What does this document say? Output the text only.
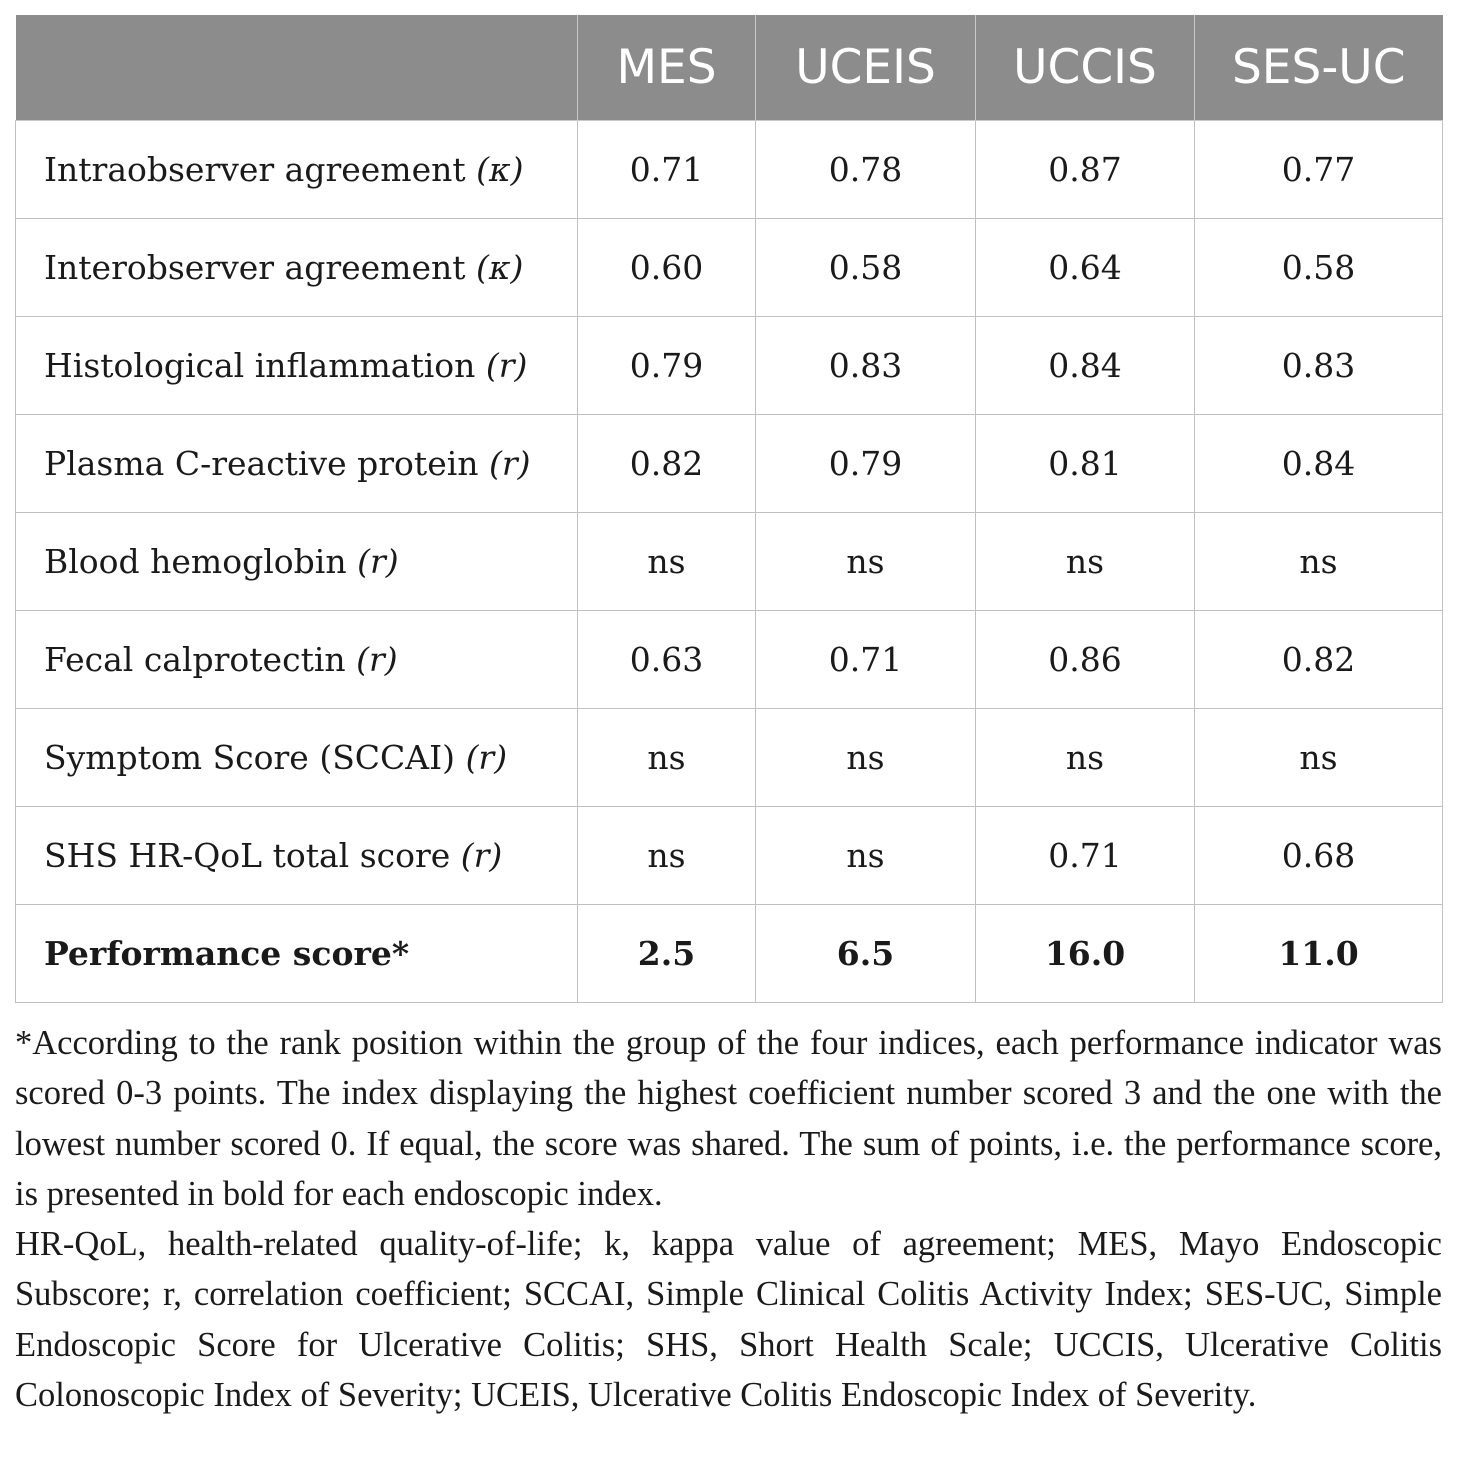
	MES	UCEIS	UCCIS	SES-UC
Intraobserver agreement (κ)	0.71	0.78	0.87	0.77
Interobserver agreement (κ)	0.60	0.58	0.64	0.58
Histological inflammation (r)	0.79	0.83	0.84	0.83
Plasma C-reactive protein (r)	0.82	0.79	0.81	0.84
Blood hemoglobin (r)	ns	ns	ns	ns
Fecal calprotectin (r)	0.63	0.71	0.86	0.82
Symptom Score (SCCAI) (r)	ns	ns	ns	ns
SHS HR-QoL total score (r)	ns	ns	0.71	0.68
Performance score*	2.5	6.5	16.0	11.0

*According to the rank position within the group of the four indices, each performance indicator was scored 0-3 points. The index displaying the highest coefficient number scored 3 and the one with the lowest number scored 0. If equal, the score was shared. The sum of points, i.e. the performance score, is presented in bold for each endoscopic index.

HR-QoL, health-related quality-of-life; k, kappa value of agreement; MES, Mayo Endoscopic Subscore; r, correlation coefficient; SCCAI, Simple Clinical Colitis Activity Index; SES-UC, Simple Endoscopic Score for Ulcerative Colitis; SHS, Short Health Scale; UCCIS, Ulcerative Colitis Colonoscopic Index of Severity; UCEIS, Ulcerative Colitis Endoscopic Index of Severity.
